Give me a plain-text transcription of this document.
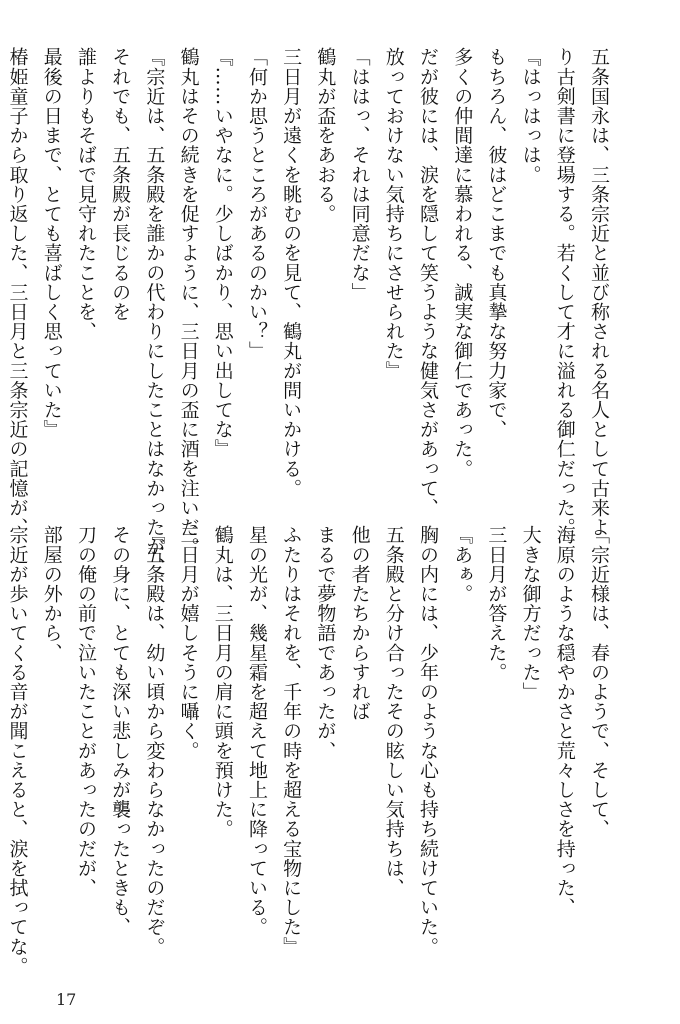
五条国永は、三条宗近と並び称される名人として古来よ
り古剣書に登場する。若くして才に溢れる御仁だった。
『はっはっは。
もちろん、彼はどこまでも真摯な努力家で、
多くの仲間達に慕われる、誠実な御仁であった。
だが彼には、涙を隠して笑うような健気さがあって、
放っておけない気持ちにさせられた』
「ははっ、それは同意だな」
鶴丸が盃をあおる。
三日月が遠くを眺むのを見て、鶴丸が問いかける。
「何か思うところがあるのかい？」
『……いやなに。少しばかり、思い出してな』
鶴丸はその続きを促すように、三日月の盃に酒を注いだ。
『宗近は、五条殿を誰かの代わりにしたことはなかったが、
それでも、五条殿が長じるのを
誰よりもそばで見守れたことを、
最後の日まで、とても喜ばしく思っていた』
椿姫童子から取り返した、三日月と三条宗近の記憶が、
「宗近様は、春のようで、そして、
海原のような穏やかさと荒々しさを持った、
大きな御方だった」
三日月が答えた。
『あぁ。
胸の内には、少年のような心も持ち続けていた。
五条殿と分け合ったその眩しい気持ちは、
他の者たちからすれば
まるで夢物語であったが、
ふたりはそれを、千年の時を超える宝物にした』
星の光が、幾星霜を超えて地上に降っている。
鶴丸は、三日月の肩に頭を預けた。
三日月が嬉しそうに囁く。
『五条殿は、幼い頃から変わらなかったのだぞ。
その身に、とても深い悲しみが襲ったときも、
刀の俺の前で泣いたことがあったのだが、
部屋の外から、
宗近が歩いてくる音が聞こえると、涙を拭ってな。
17
